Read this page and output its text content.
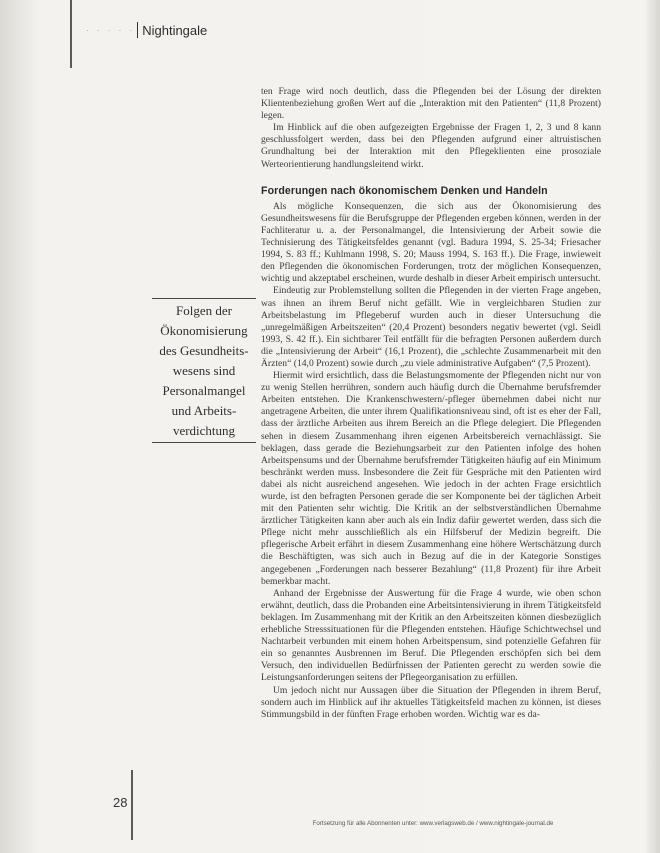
· · · · · Nightingale
Folgen der
Ökonomisierung
des Gesundheits-
wesens sind
Personalmangel
und Arbeits-
verdichtung

ten Frage wird noch deutlich, dass die Pflegenden bei der Lösung der direkten Klientenbeziehung großen Wert auf die „Interaktion mit den Patienten“ (11,8 Prozent) legen.

Im Hinblick auf die oben aufgezeigten Ergebnisse der Fragen 1, 2, 3 und 8 kann geschlussfolgert werden, dass bei den Pflegenden aufgrund einer altruistischen Grundhaltung bei der Interaktion mit den Pflegeklienten eine prosoziale Werteorientierung handlungsleitend wirkt.

Forderungen nach ökonomischem Denken und Handeln

Als mögliche Konsequenzen, die sich aus der Ökonomisierung des Gesundheitswesens für die Berufsgruppe der Pflegenden ergeben können, werden in der Fachliteratur u. a. der Personalmangel, die Intensivierung der Arbeit sowie die Technisierung des Tätigkeitsfeldes genannt (vgl. Badura 1994, S. 25-34; Friesacher 1994, S. 83 ff.; Kuhlmann 1998, S. 20; Mauss 1994, S. 163 ff.). Die Frage, inwieweit den Pflegenden die ökonomischen Forderungen, trotz der möglichen Konsequenzen, wichtig und akzeptabel erscheinen, wurde deshalb in dieser Arbeit empirisch untersucht.

Eindeutig zur Problemstellung sollten die Pflegenden in der vierten Frage angeben, was ihnen an ihrem Beruf nicht gefällt. Wie in vergleichbaren Studien zur Arbeitsbelastung im Pflegeberuf wurden auch in dieser Untersuchung die „unregelmäßigen Arbeitszeiten“ (20,4 Prozent) besonders negativ bewertet (vgl. Seidl 1993, S. 42 ff.). Ein sichtbarer Teil entfällt für die befragten Personen außerdem durch die „Intensivierung der Arbeit“ (16,1 Prozent), die „schlechte Zusammenarbeit mit den Ärzten“ (14,0 Prozent) sowie durch „zu viele administrative Aufgaben“ (7,5 Prozent).

Hiermit wird ersichtlich, dass die Belastungsmomente der Pflegenden nicht nur von zu wenig Stellen herrühren, sondern auch häufig durch die Übernahme berufsfremder Arbeiten entstehen. Die Krankenschwestern/-pfleger übernehmen dabei nicht nur angetragene Arbeiten, die unter ihrem Qualifikationsniveau sind, oft ist es eher der Fall, dass der ärztliche Arbeiten aus ihrem Bereich an die Pflege delegiert. Die Pflegenden sehen in diesem Zusammenhang ihren eigenen Arbeitsbereich vernachlässigt. Sie beklagen, dass gerade die Beziehungsarbeit zur den Patienten infolge des hohen Arbeitspensums und der Übernahme berufsfremder Tätigkeiten häufig auf ein Minimum beschränkt werden muss. Insbesondere die Zeit für Gespräche mit den Patienten wird dabei als nicht ausreichend angesehen. Wie jedoch in der achten Frage ersichtlich wurde, ist den befragten Personen gerade die ser Komponente bei der täglichen Arbeit mit den Patienten sehr wichtig. Die Kritik an der selbstverständlichen Übernahme ärztlicher Tätigkeiten kann aber auch als ein Indiz dafür gewertet werden, dass sich die Pflege nicht mehr ausschließlich als ein Hilfsberuf der Medizin begreift. Die pflegerische Arbeit erfährt in diesem Zusammenhang eine höhere Wertschätzung durch die Beschäftigten, was sich auch in Bezug auf die in der Kategorie Sonstiges angegebenen „Forderungen nach besserer Bezahlung“ (11,8 Prozent) für ihre Arbeit bemerkbar macht.

Anhand der Ergebnisse der Auswertung für die Frage 4 wurde, wie oben schon erwähnt, deutlich, dass die Probanden eine Arbeitsintensivierung in ihrem Tätigkeitsfeld beklagen. Im Zusammenhang mit der Kritik an den Arbeitszeiten können diesbezüglich erhebliche Stresssituationen für die Pflegenden entstehen. Häufige Schichtwechsel und Nachtarbeit verbunden mit einem hohen Arbeitspensum, sind potenzielle Gefahren für ein so genanntes Ausbrennen im Beruf. Die Pflegenden erschöpfen sich bei dem Versuch, den individuellen Bedürfnissen der Patienten gerecht zu werden sowie die Leistungsanforderungen seitens der Pflegeorganisation zu erfüllen.

Um jedoch nicht nur Aussagen über die Situation der Pflegenden in ihrem Beruf, sondern auch im Hinblick auf ihr aktuelles Tätigkeitsfeld machen zu können, ist dieses Stimmungsbild in der fünften Frage erhoben worden. Wichtig war es da-

28
Fortsetzung für alle Abonnenten unter: www.verlagsweb.de / www.nightingale-journal.de
